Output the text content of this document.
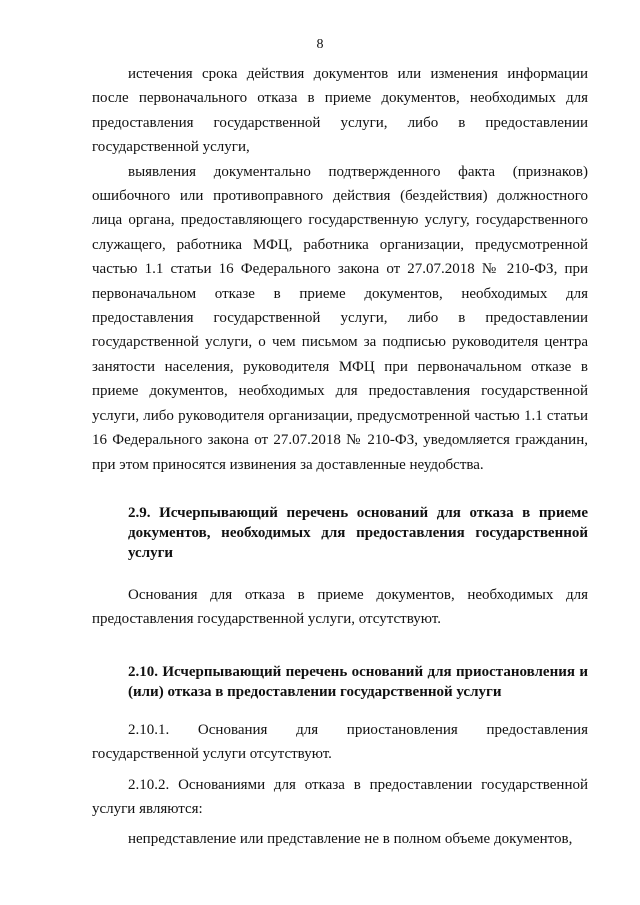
8

истечения срока действия документов или изменения информации после первоначального отказа в приеме документов, необходимых для предоставления государственной услуги, либо в предоставлении государственной услуги,

выявления документально подтвержденного факта (признаков) ошибочного или противоправного действия (бездействия) должностного лица органа, предоставляющего государственную услугу, государственного служащего, работника МФЦ, работника организации, предусмотренной частью 1.1 статьи 16 Федерального закона от 27.07.2018 № 210-ФЗ, при первоначальном отказе в приеме документов, необходимых для предоставления государственной услуги, либо в предоставлении государственной услуги, о чем письмом за подписью руководителя центра занятости населения, руководителя МФЦ при первоначальном отказе в приеме документов, необходимых для предоставления государственной услуги, либо руководителя организации, предусмотренной частью 1.1 статьи 16 Федерального закона от 27.07.2018 № 210-ФЗ, уведомляется гражданин, при этом приносятся извинения за доставленные неудобства.

2.9. Исчерпывающий перечень оснований для отказа в приеме документов, необходимых для предоставления государственной услуги

Основания для отказа в приеме документов, необходимых для предоставления государственной услуги, отсутствуют.

2.10. Исчерпывающий перечень оснований для приостановления и (или) отказа в предоставлении государственной услуги

2.10.1. Основания для приостановления предоставления государственной услуги отсутствуют.

2.10.2. Основаниями для отказа в предоставлении государственной услуги являются:

непредставление или представление не в полном объеме документов,
